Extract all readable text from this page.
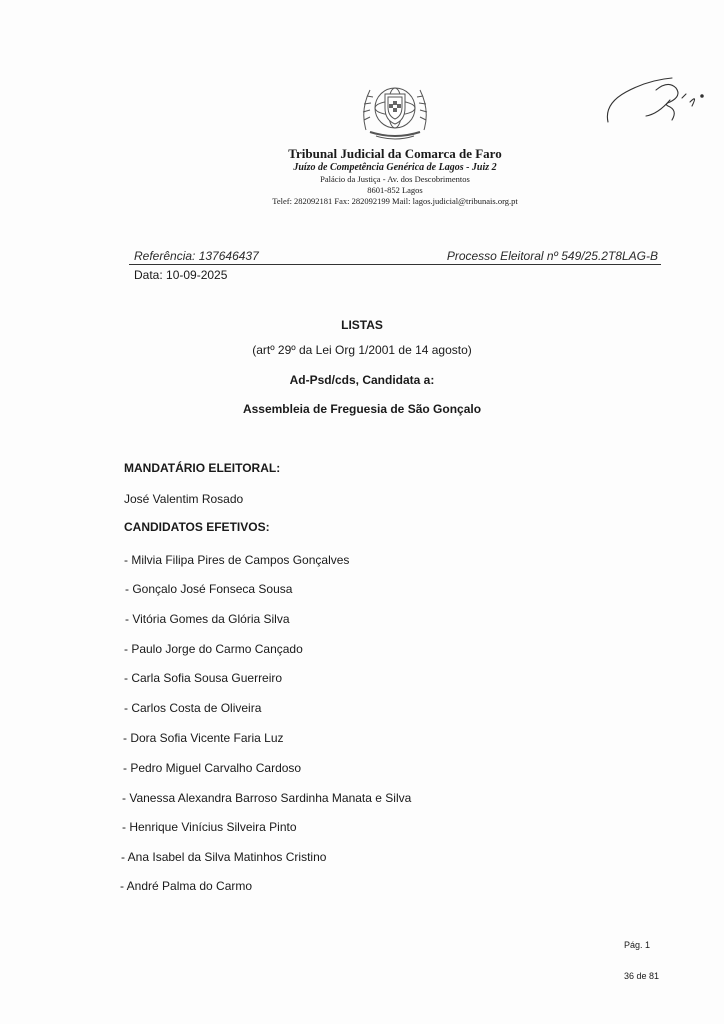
Tribunal Judicial da Comarca de Faro
Juízo de Competência Genérica de Lagos - Juiz 2
Palácio da Justiça - Av. dos Descobrimentos
8601-852 Lagos
Telef: 282092181 Fax: 282092199 Mail: lagos.judicial@tribunais.org.pt
Referência: 137646437	Processo Eleitoral nº 549/25.2T8LAG-B
Data: 10-09-2025
LISTAS
(artº 29º da Lei Org 1/2001 de 14 agosto)
Ad-Psd/cds, Candidata a:
Assembleia de Freguesia de São Gonçalo
MANDATÁRIO ELEITORAL:
José Valentim Rosado
CANDIDATOS EFETIVOS:
- Milvia Filipa Pires de Campos Gonçalves
- Gonçalo José Fonseca Sousa
- Vitória Gomes da Glória Silva
- Paulo Jorge do Carmo Cançado
- Carla Sofia Sousa Guerreiro
- Carlos Costa de Oliveira
- Dora Sofia Vicente Faria Luz
- Pedro Miguel Carvalho Cardoso
- Vanessa Alexandra Barroso Sardinha Manata e Silva
- Henrique Vinícius Silveira Pinto
- Ana Isabel da Silva Matinhos Cristino
- André Palma do Carmo
Pág. 1
36 de 81
